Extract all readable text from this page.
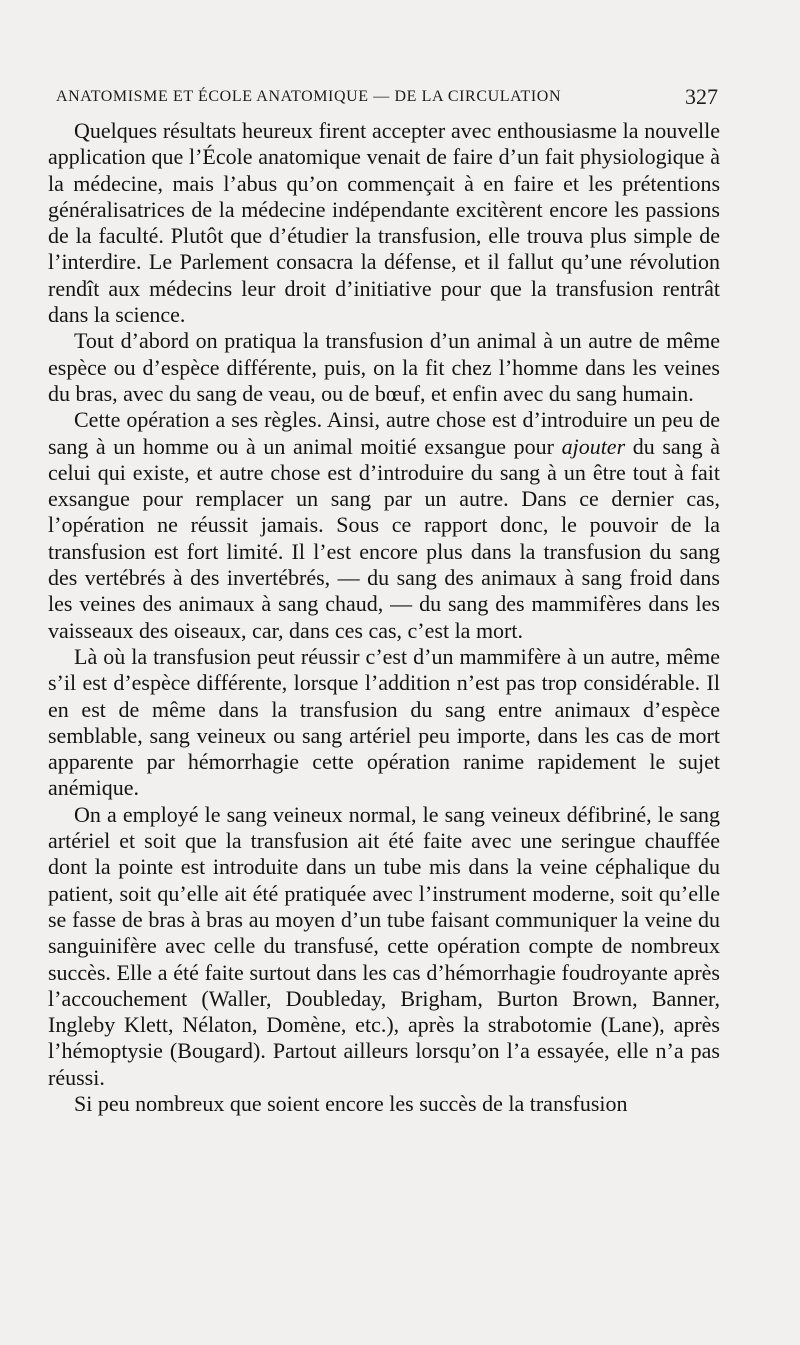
ANATOMISME ET ÉCOLE ANATOMIQUE — DE LA CIRCULATION	327

Quelques résultats heureux firent accepter avec enthousiasme la nouvelle application que l’École anatomique venait de faire d’un fait physiologique à la médecine, mais l’abus qu’on commençait à en faire et les prétentions généralisatrices de la médecine indépendante excitèrent encore les passions de la faculté. Plutôt que d’étudier la transfusion, elle trouva plus simple de l’interdire. Le Parlement consacra la défense, et il fallut qu’une révolution rendît aux médecins leur droit d’initiative pour que la transfusion rentrât dans la science.

Tout d’abord on pratiqua la transfusion d’un animal à un autre de même espèce ou d’espèce différente, puis, on la fit chez l’homme dans les veines du bras, avec du sang de veau, ou de bœuf, et enfin avec du sang humain.

Cette opération a ses règles. Ainsi, autre chose est d’introduire un peu de sang à un homme ou à un animal moitié exsangue pour ajouter du sang à celui qui existe, et autre chose est d’introduire du sang à un être tout à fait exsangue pour remplacer un sang par un autre. Dans ce dernier cas, l’opération ne réussit jamais. Sous ce rapport donc, le pouvoir de la transfusion est fort limité. Il l’est encore plus dans la transfusion du sang des vertébrés à des invertébrés, — du sang des animaux à sang froid dans les veines des animaux à sang chaud, — du sang des mammifères dans les vaisseaux des oiseaux, car, dans ces cas, c’est la mort.

Là où la transfusion peut réussir c’est d’un mammifère à un autre, même s’il est d’espèce différente, lorsque l’addition n’est pas trop considérable. Il en est de même dans la transfusion du sang entre animaux d’espèce semblable, sang veineux ou sang artériel peu importe, dans les cas de mort apparente par hémorrhagie cette opération ranime rapidement le sujet anémique.

On a employé le sang veineux normal, le sang veineux défibriné, le sang artériel et soit que la transfusion ait été faite avec une seringue chauffée dont la pointe est introduite dans un tube mis dans la veine céphalique du patient, soit qu’elle ait été pratiquée avec l’instrument moderne, soit qu’elle se fasse de bras à bras au moyen d’un tube faisant communiquer la veine du sanguinifère avec celle du transfusé, cette opération compte de nombreux succès. Elle a été faite surtout dans les cas d’hémorrhagie foudroyante après l’accouchement (Waller, Doubleday, Brigham, Burton Brown, Banner, Ingleby Klett, Nélaton, Domène, etc.), après la strabotomie (Lane), après l’hémoptysie (Bougard). Partout ailleurs lorsqu’on l’a essayée, elle n’a pas réussi.

Si peu nombreux que soient encore les succès de la transfusion
